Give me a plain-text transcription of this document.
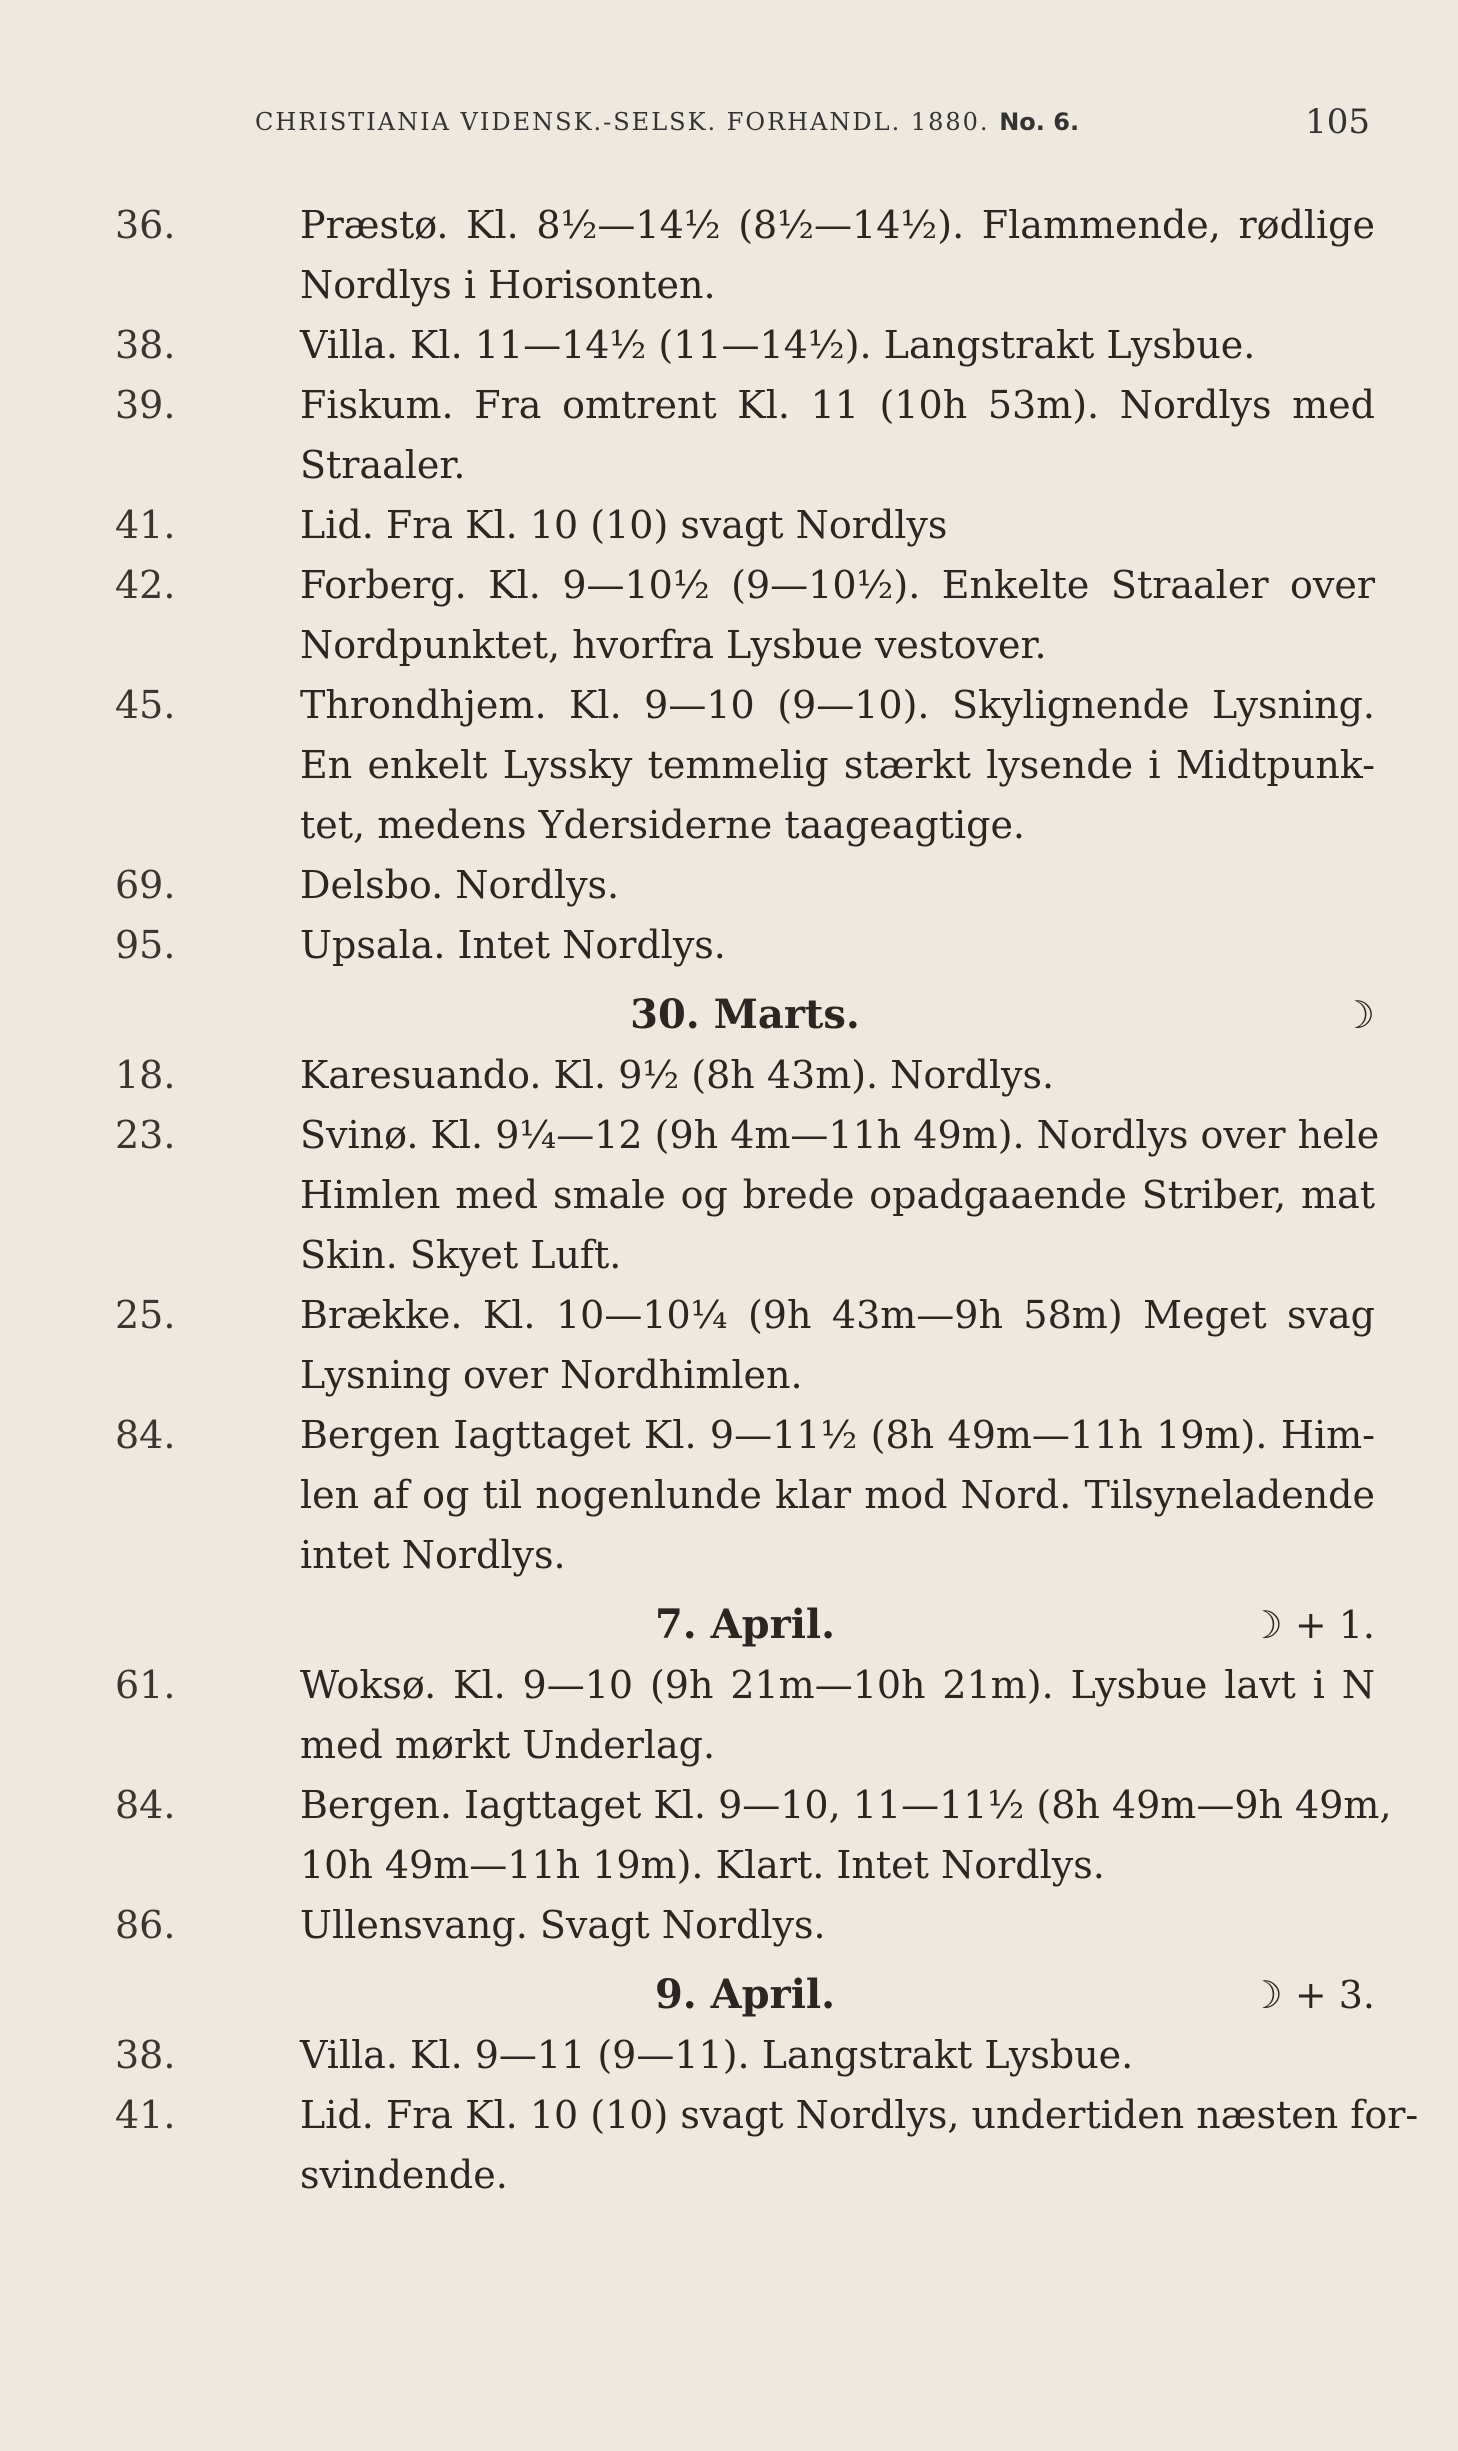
CHRISTIANIA VIDENSK.-SELSK. FORHANDL. 1880. No. 6.	105
36.	Præstø. Kl. 8½—14½ (8½—14½). Flammende, rødlige
Nordlys i Horisonten.
38.	Villa. Kl. 11—14½ (11—14½). Langstrakt Lysbue.
39.	Fiskum. Fra omtrent Kl. 11 (10h 53m). Nordlys med
Straaler.
41.	Lid. Fra Kl. 10 (10) svagt Nordlys
42.	Forberg. Kl. 9—10½ (9—10½). Enkelte Straaler over
Nordpunktet, hvorfra Lysbue vestover.
45.	Throndhjem. Kl. 9—10 (9—10). Skylignende Lysning.
En enkelt Lyssky temmelig stærkt lysende i Midtpunk-
tet, medens Ydersiderne taageagtige.
69.	Delsbo. Nordlys.
95.	Upsala. Intet Nordlys.
30. Marts.	☽
18.	Karesuando. Kl. 9½ (8h 43m). Nordlys.
23.	Svinø. Kl. 9¼—12 (9h 4m—11h 49m). Nordlys over hele
Himlen med smale og brede opadgaaende Striber, mat
Skin. Skyet Luft.
25.	Brække. Kl. 10—10¼ (9h 43m—9h 58m) Meget svag
Lysning over Nordhimlen.
84.	Bergen Iagttaget Kl. 9—11½ (8h 49m—11h 19m). Him-
len af og til nogenlunde klar mod Nord. Tilsyneladende
intet Nordlys.
7. April.	☽ + 1.
61.	Woksø. Kl. 9—10 (9h 21m—10h 21m). Lysbue lavt i N
med mørkt Underlag.
84.	Bergen. Iagttaget Kl. 9—10, 11—11½ (8h 49m—9h 49m,
10h 49m—11h 19m). Klart. Intet Nordlys.
86.	Ullensvang. Svagt Nordlys.
9. April.	☽ + 3.
38.	Villa. Kl. 9—11 (9—11). Langstrakt Lysbue.
41.	Lid. Fra Kl. 10 (10) svagt Nordlys, undertiden næsten for-
svindende.
